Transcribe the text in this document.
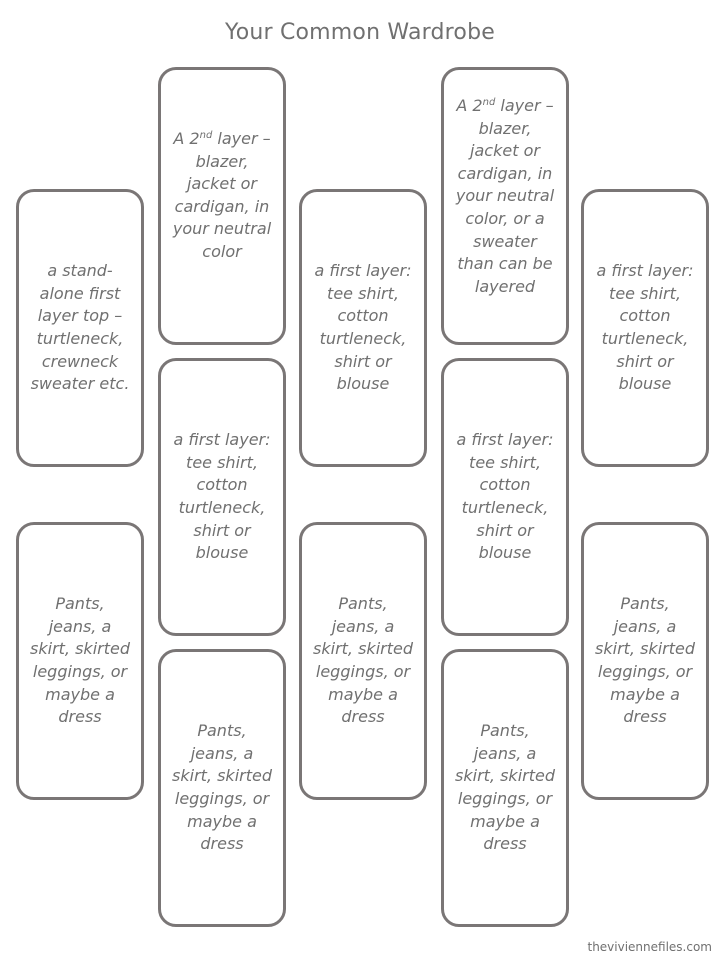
Your Common Wardrobe
a stand-alone first layer top – turtleneck, crewneck sweater etc.
Pants, jeans, a skirt, skirted leggings, or maybe a dress
A 2nd layer – blazer, jacket or cardigan, in your neutral color
a first layer: tee shirt, cotton turtleneck, shirt or blouse
Pants, jeans, a skirt, skirted leggings, or maybe a dress
a first layer: tee shirt, cotton turtleneck, shirt or blouse
Pants, jeans, a skirt, skirted leggings, or maybe a dress
A 2nd layer – blazer, jacket or cardigan, in your neutral color, or a sweater than can be layered
a first layer: tee shirt, cotton turtleneck, shirt or blouse
Pants, jeans, a skirt, skirted leggings, or maybe a dress
a first layer: tee shirt, cotton turtleneck, shirt or blouse
Pants, jeans, a skirt, skirted leggings, or maybe a dress
theviviennefiles.com
